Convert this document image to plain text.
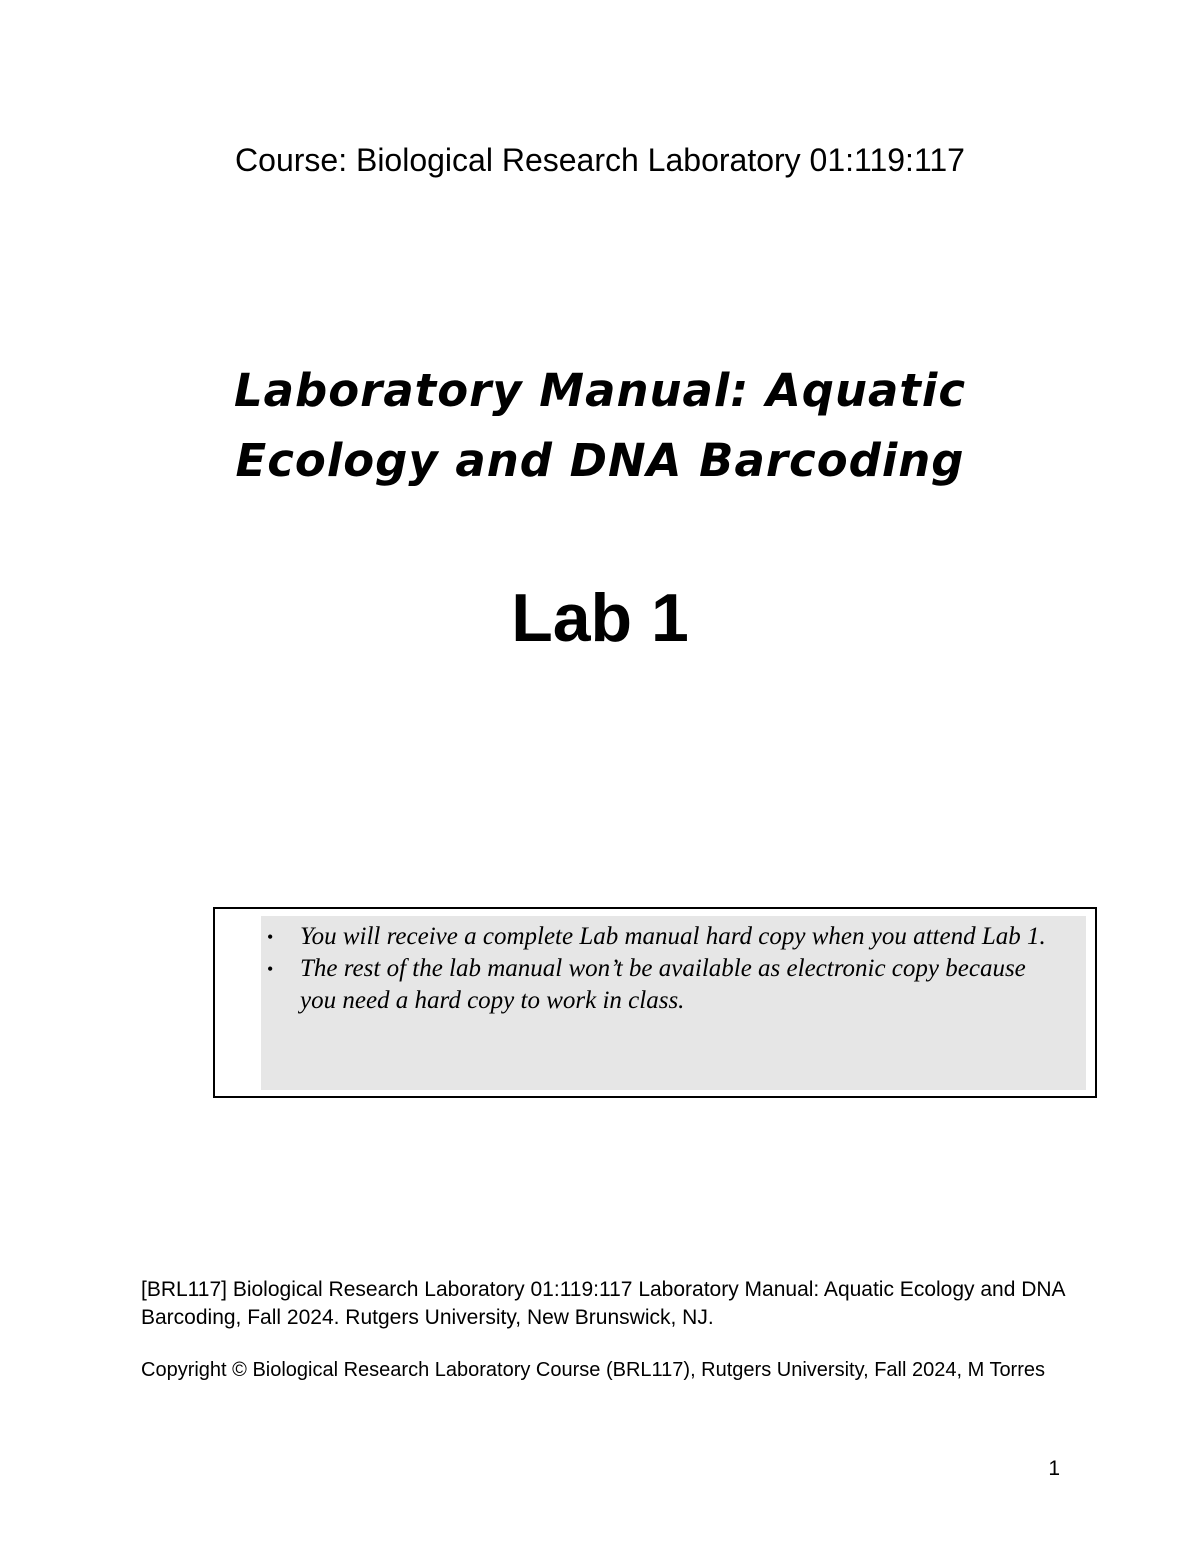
Course: Biological Research Laboratory 01:119:117
Laboratory Manual: Aquatic
Ecology and DNA Barcoding
Lab 1
• You will receive a complete Lab manual hard copy when you attend Lab 1.
• The rest of the lab manual won’t be available as electronic copy because you need a hard copy to work in class.
[BRL117] Biological Research Laboratory 01:119:117 Laboratory Manual: Aquatic Ecology and DNA Barcoding, Fall 2024. Rutgers University, New Brunswick, NJ.
Copyright © Biological Research Laboratory Course (BRL117), Rutgers University, Fall 2024, M Torres
1
